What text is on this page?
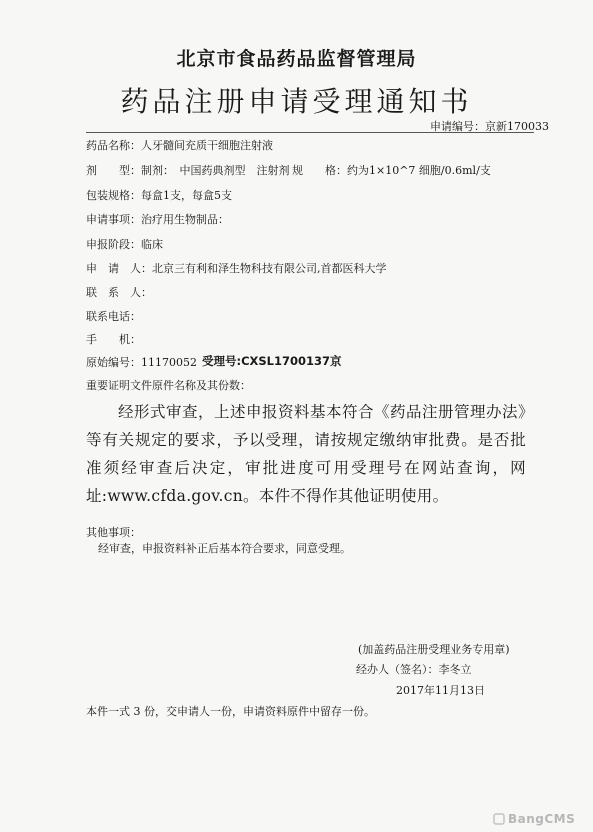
北京市食品药品监督管理局
药品注册申请受理通知书
申请编号：京新170033
药品名称：人牙髓间充质干细胞注射液
剂　　型：制剂：　中国药典剂型　注射剂 规　　格：约为1×10^7 细胞/0.6ml/支
包装规格：每盒1支，每盒5支
申请事项：治疗用生物制品：
申报阶段：临床
申　请　人：北京三有利和泽生物科技有限公司,首都医科大学
联　系　人：
联系电话：
手　　机：
原始编号：11170052 受理号:CXSL1700137京
重要证明文件原件名称及其份数：
经形式审查，上述申报资料基本符合《药品注册管理办法》等有关规定的要求，予以受理，请按规定缴纳审批费。是否批准须经审查后决定，审批进度可用受理号在网站查询，网址:www.cfda.gov.cn。本件不得作其他证明使用。
其他事项：
经审查，申报资料补正后基本符合要求，同意受理。
(加盖药品注册受理业务专用章)
经办人（签名）：李冬立
2017年11月13日
本件一式 3 份，交申请人一份，申请资料原件中留存一份。
BangCMS
